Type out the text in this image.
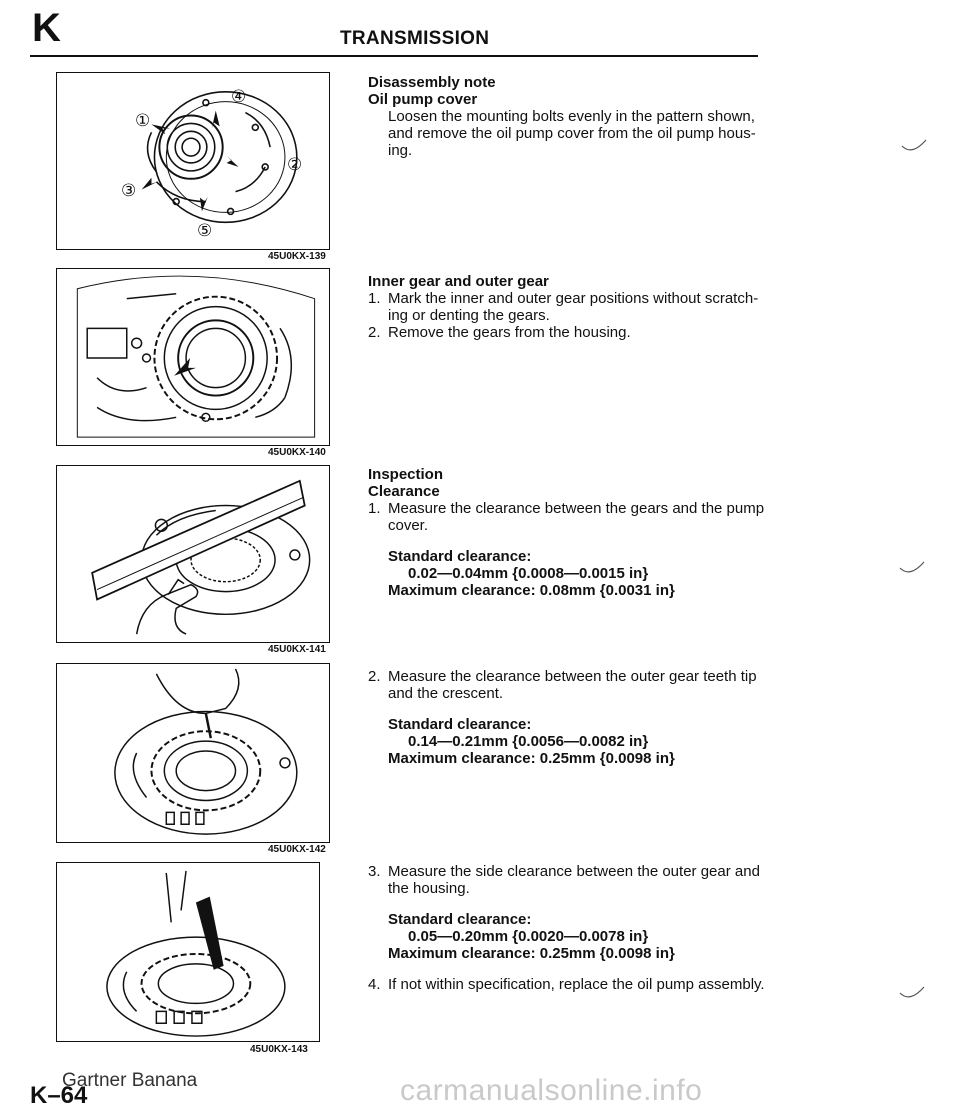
K	TRANSMISSION
①
②
③
④
⑤
45U0KX-139
45U0KX-140
45U0KX-141
45U0KX-142
45U0KX-143
Disassembly note
Oil pump cover
Loosen the mounting bolts evenly in the pattern shown,
and remove the oil pump cover from the oil pump hous-
ing.
Inner gear and outer gear
1. Mark the inner and outer gear positions without scratch-
ing or denting the gears.
2. Remove the gears from the housing.
Inspection
Clearance
1. Measure the clearance between the gears and the pump
cover.
Standard clearance:
0.02—0.04mm {0.0008—0.0015 in}
Maximum clearance: 0.08mm {0.0031 in}
2. Measure the clearance between the outer gear teeth tip
and the crescent.
Standard clearance:
0.14—0.21mm {0.0056—0.0082 in}
Maximum clearance: 0.25mm {0.0098 in}
3. Measure the side clearance between the outer gear and
the housing.
Standard clearance:
0.05—0.20mm {0.0020—0.0078 in}
Maximum clearance: 0.25mm {0.0098 in}
4. If not within specification, replace the oil pump assembly.
K–64
Gartner Banana	carmanualsonline.info
